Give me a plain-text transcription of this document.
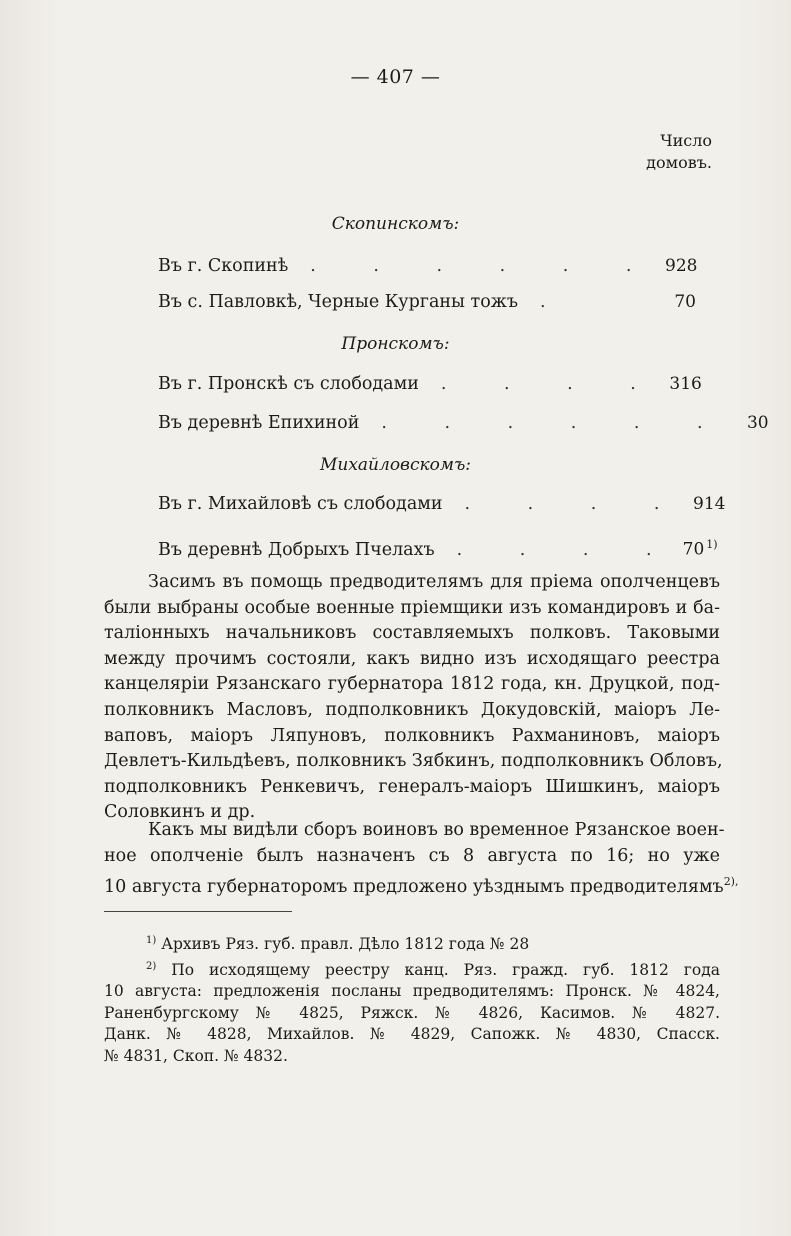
— 407 —
Число
домовъ.
Скопинскомъ:
Въ г. Скопинѣ	. . . . . . 928
Въ с. Павловкѣ, Черные Курганы тожъ	.	70
Пронскомъ:
Въ г. Пронскѣ съ слободами	. . . . 316
Въ деревнѣ Епихиной	. . . . . .	30
Михайловскомъ:
Въ г. Михайловѣ съ слободами	. . . . 914
Въ деревнѣ Добрыхъ Пчелахъ	. . . . 70 $^{1)}$
Засимъ въ помощь предводителямъ для пріема ополченцевъ
были выбраны особые военные пріемщики изъ командировъ и ба-
таліонныхъ начальниковъ составляемыхъ полковъ. Таковыми
между прочимъ состояли, какъ видно изъ исходящаго реестра
канцеляріи Рязанскаго губернатора 1812 года, кн. Друцкой, под-
полковникъ Масловъ, подполковникъ Докудовскій, маіоръ Ле-
ваповъ, маіоръ Ляпуновъ, полковникъ Рахманиновъ, маіоръ
Девлетъ-Кильдѣевъ, полковникъ Зябкинъ, подполковникъ Обловъ,
подполковникъ Ренкевичъ, генералъ-маіоръ Шишкинъ, маіоръ
Соловкинъ и др.
Какъ мы видѣли сборъ воиновъ во временное Рязанское воен-
ное ополченіе былъ назначенъ съ 8 августа по 16; но уже
10 августа губернаторомъ предложено уѣзднымъ предводителямъ$^{2),}$
$^{1)}$ Архивъ Ряз. губ. правл. Дѣло 1812 года № 28
$^{2)}$ По исходящему реестру канц. Ряз. гражд. губ. 1812 года
10 августа: предложенія посланы предводителямъ: Пронск. № 4824,
Раненбургскому № 4825, Ряжск. № 4826, Касимов. № 4827.
Данк. № 4828, Михайлов. № 4829, Сапожк. № 4830, Спасск.
№ 4831, Скоп. № 4832.
